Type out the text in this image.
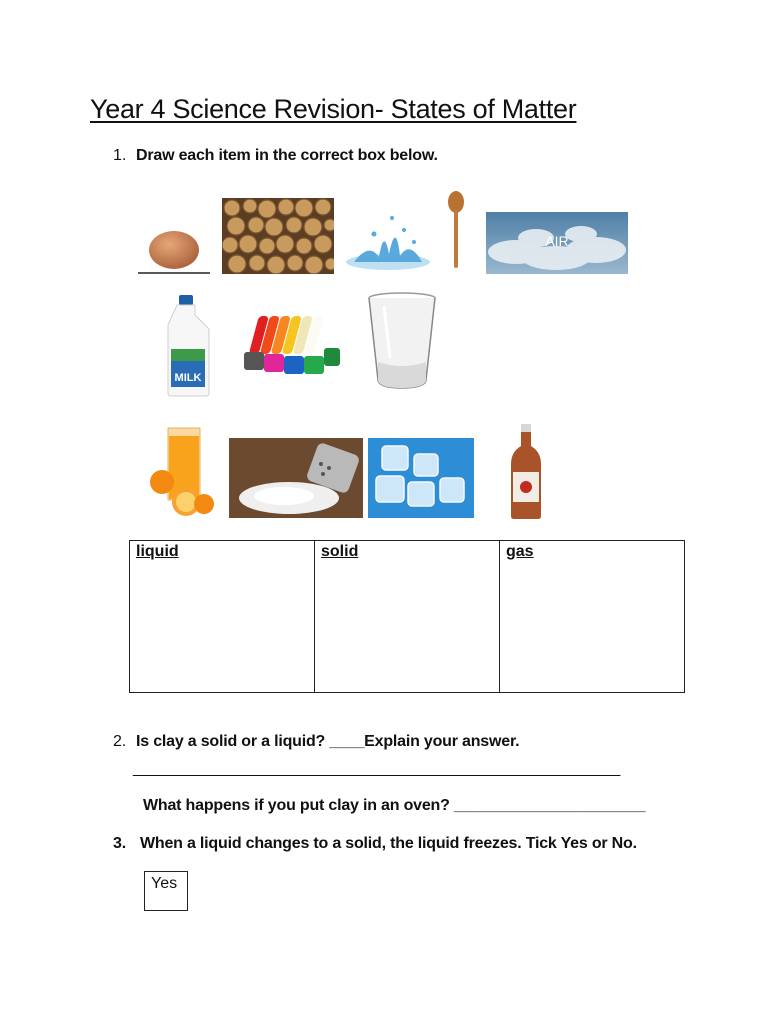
Year 4 Science Revision- States of Matter
1. Draw each item in the correct box below.
AIR
MILK
liquid	solid	gas
2. Is clay a solid or a liquid? ____Explain your answer.
________________________________________________________
What happens if you put clay in an oven? ______________________
3. When a liquid changes to a solid, the liquid freezes. Tick Yes or No.
Yes
